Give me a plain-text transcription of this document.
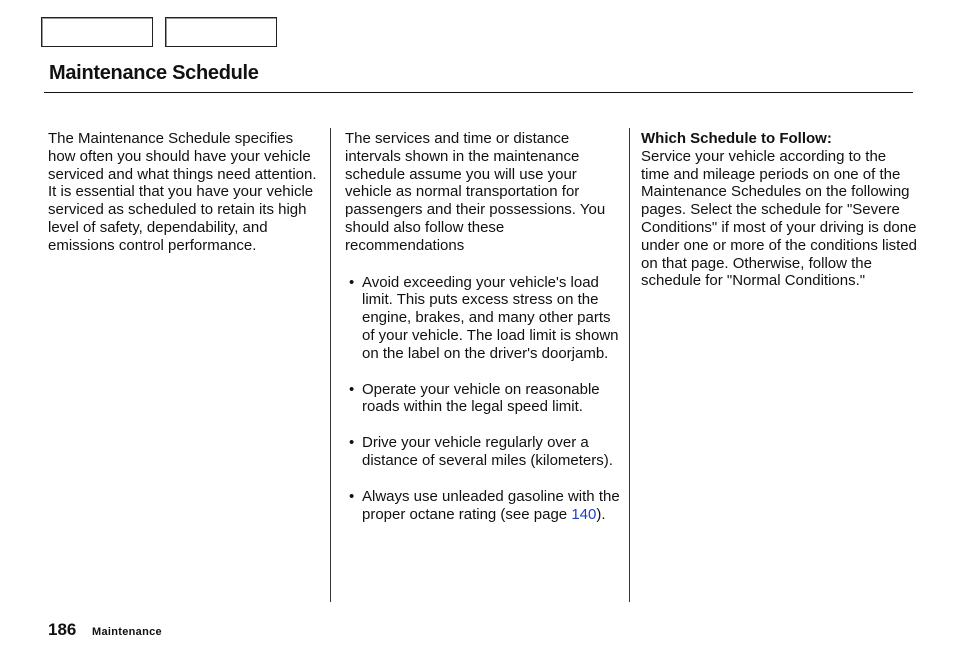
Maintenance Schedule

The Maintenance Schedule specifies how often you should have your vehicle serviced and what things need attention. It is essential that you have your vehicle serviced as scheduled to retain its high level of safety, dependability, and emissions control performance.

The services and time or distance intervals shown in the maintenance schedule assume you will use your vehicle as normal transportation for passengers and their possessions. You should also follow these recommendations

• Avoid exceeding your vehicle's load limit. This puts excess stress on the engine, brakes, and many other parts of your vehicle. The load limit is shown on the label on the driver's doorjamb.
• Operate your vehicle on reasonable roads within the legal speed limit.
• Drive your vehicle regularly over a distance of several miles (kilometers).
• Always use unleaded gasoline with the proper octane rating (see page 140).
Which Schedule to Follow:

Service your vehicle according to the time and mileage periods on one of the Maintenance Schedules on the following pages. Select the schedule for "Severe Conditions" if most of your driving is done under one or more of the conditions listed on that page. Otherwise, follow the schedule for "Normal Conditions."

186 Maintenance
